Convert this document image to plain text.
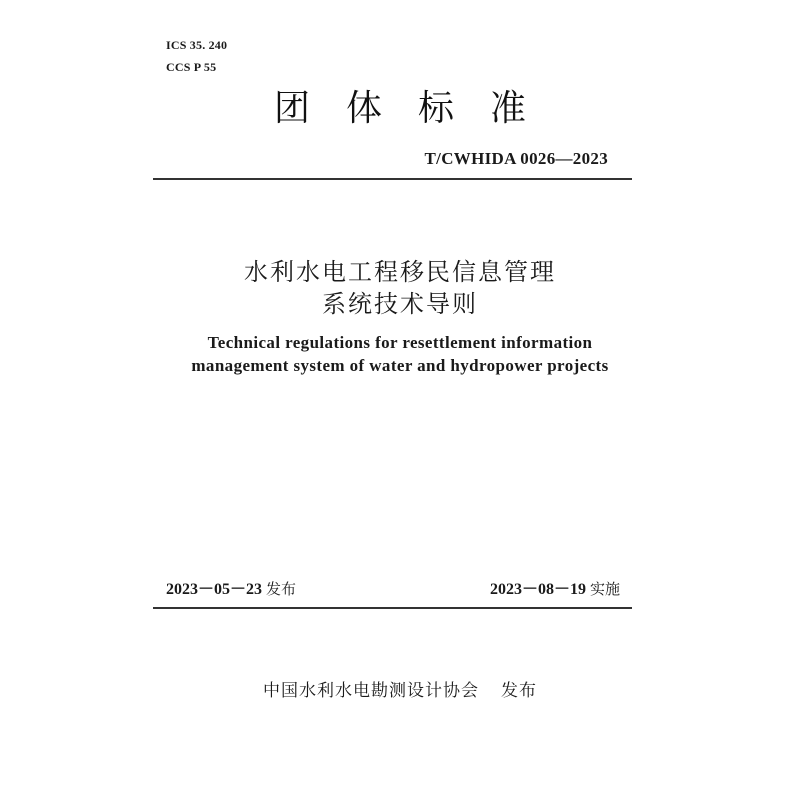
ICS 35. 240
CCS P 55
团体标准
T/CWHIDA 0026—2023
水利水电工程移民信息管理
系统技术导则
Technical regulations for resettlement information
management system of water and hydropower projects
2023－05－23 发布	2023－08－19 实施
中国水利水电勘测设计协会 发布
